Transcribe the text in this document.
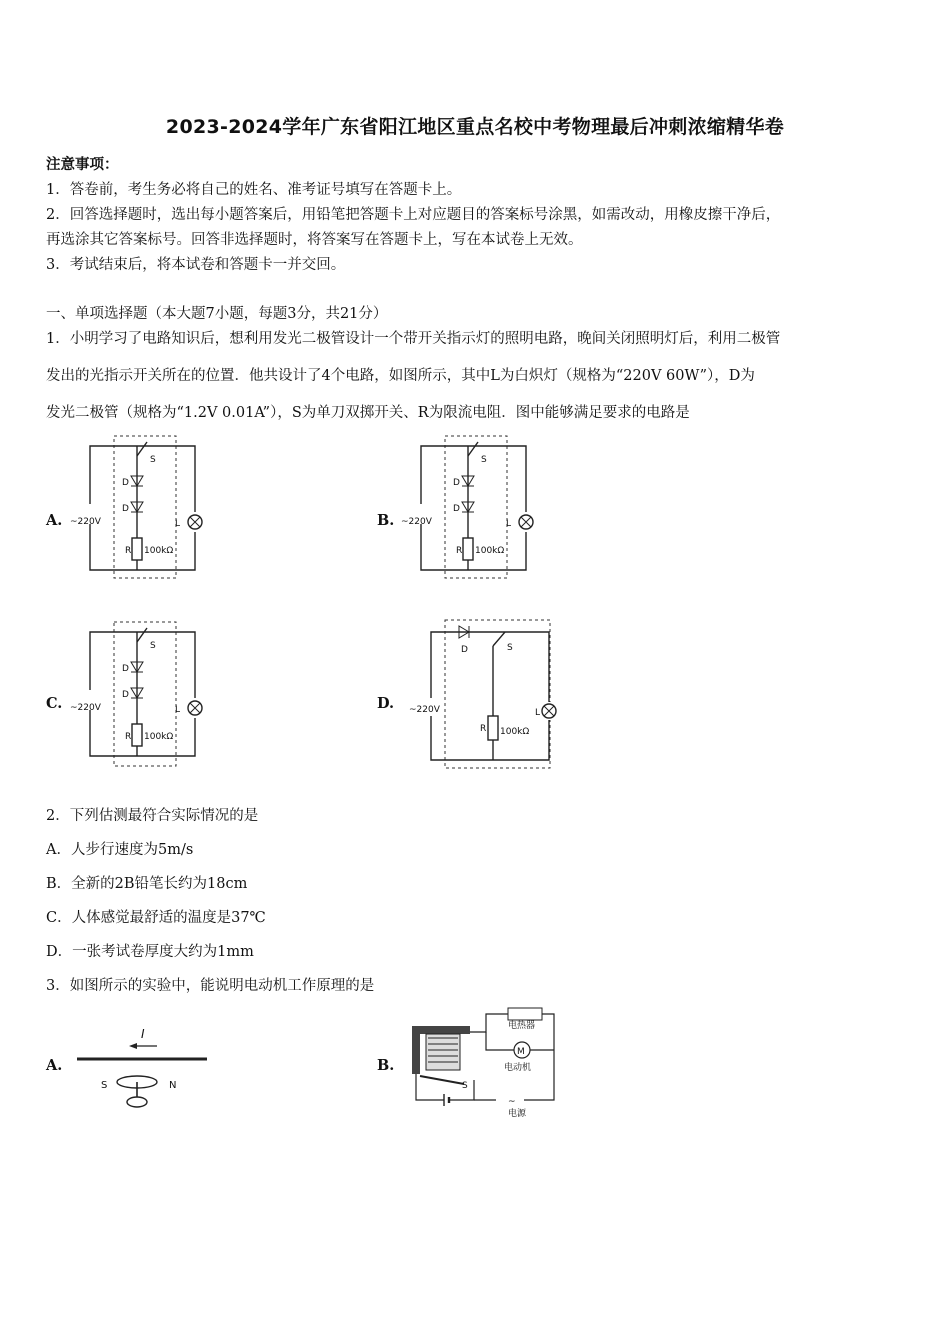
2023-2024学年广东省阳江地区重点名校中考物理最后冲刺浓缩精华卷
注意事项：
1．答卷前，考生务必将自己的姓名、准考证号填写在答题卡上。
2．回答选择题时，选出每小题答案后，用铅笔把答题卡上对应题目的答案标号涂黑，如需改动，用橡皮擦干净后，
再选涂其它答案标号。回答非选择题时，将答案写在答题卡上，写在本试卷上无效。
3．考试结束后，将本试卷和答题卡一并交回。
一、单项选择题（本大题7小题，每题3分，共21分）
1．小明学习了电路知识后，想利用发光二极管设计一个带开关指示灯的照明电路，晚间关闭照明灯后，利用二极管
发出的光指示开关所在的位置．他共设计了4个电路，如图所示，其中L为白炽灯（规格为“220V 60W”），D为
发光二极管（规格为“1.2V 0.01A”），S为单刀双掷开关、R为限流电阻．图中能够满足要求的电路是
A.	B.
C.	D.
S
D
D
R 100kΩ
~220V	L
S
D
D
R 100kΩ
~220V	L
S
D
D
R 100kΩ
~220V	L
S
D
R 100kΩ
~220V	L
2．下列估测最符合实际情况的是
A．人步行速度为5m/s
B．全新的2B铅笔长约为18cm
C．人体感觉最舒适的温度是37℃
D．一张考试卷厚度大约为1mm
3．如图所示的实验中，能说明电动机工作原理的是
A.	B.
I
S	N	S
电热器
M
电动机
~
电源
